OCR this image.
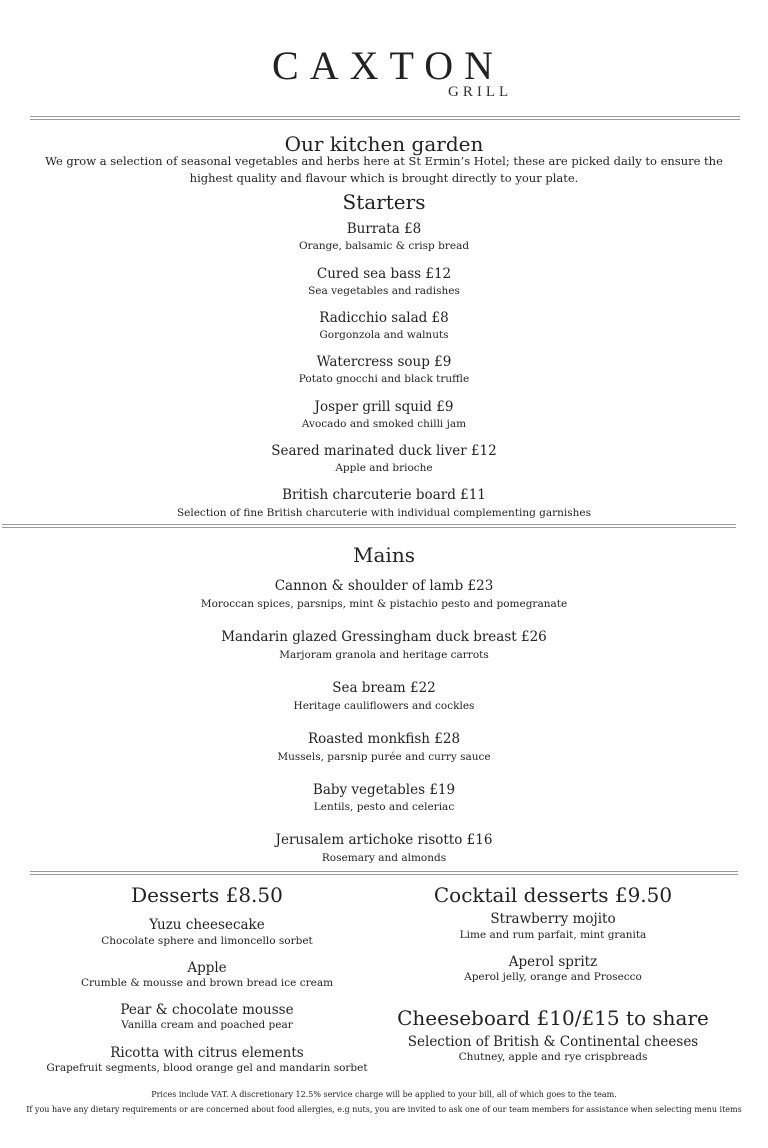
CAXTON
GRILL
Our kitchen garden
We grow a selection of seasonal vegetables and herbs here at St Ermin’s Hotel; these are picked daily to ensure the
highest quality and flavour which is brought directly to your plate.
Starters
Burrata £8
Orange, balsamic & crisp bread
Cured sea bass £12
Sea vegetables and radishes
Radicchio salad £8
Gorgonzola and walnuts
Watercress soup £9
Potato gnocchi and black truffle
Josper grill squid £9
Avocado and smoked chilli jam
Seared marinated duck liver £12
Apple and brioche
British charcuterie board £11
Selection of fine British charcuterie with individual complementing garnishes
Mains
Cannon & shoulder of lamb £23
Moroccan spices, parsnips, mint & pistachio pesto and pomegranate
Mandarin glazed Gressingham duck breast £26
Marjoram granola and heritage carrots
Sea bream £22
Heritage cauliflowers and cockles
Roasted monkfish £28
Mussels, parsnip purée and curry sauce
Baby vegetables £19
Lentils, pesto and celeriac
Jerusalem artichoke risotto £16
Rosemary and almonds
Desserts £8.50
Yuzu cheesecake
Chocolate sphere and limoncello sorbet
Apple
Crumble & mousse and brown bread ice cream
Pear & chocolate mousse
Vanilla cream and poached pear
Ricotta with citrus elements
Grapefruit segments, blood orange gel and mandarin sorbet
Cocktail desserts £9.50
Strawberry mojito
Lime and rum parfait, mint granita
Aperol spritz
Aperol jelly, orange and Prosecco
Cheeseboard £10/£15 to share
Selection of British & Continental cheeses
Chutney, apple and rye crispbreads
Prices include VAT. A discretionary 12.5% service charge will be applied to your bill, all of which goes to the team.
If you have any dietary requirements or are concerned about food allergies, e.g nuts, you are invited to ask one of our team members for assistance when selecting menu items
